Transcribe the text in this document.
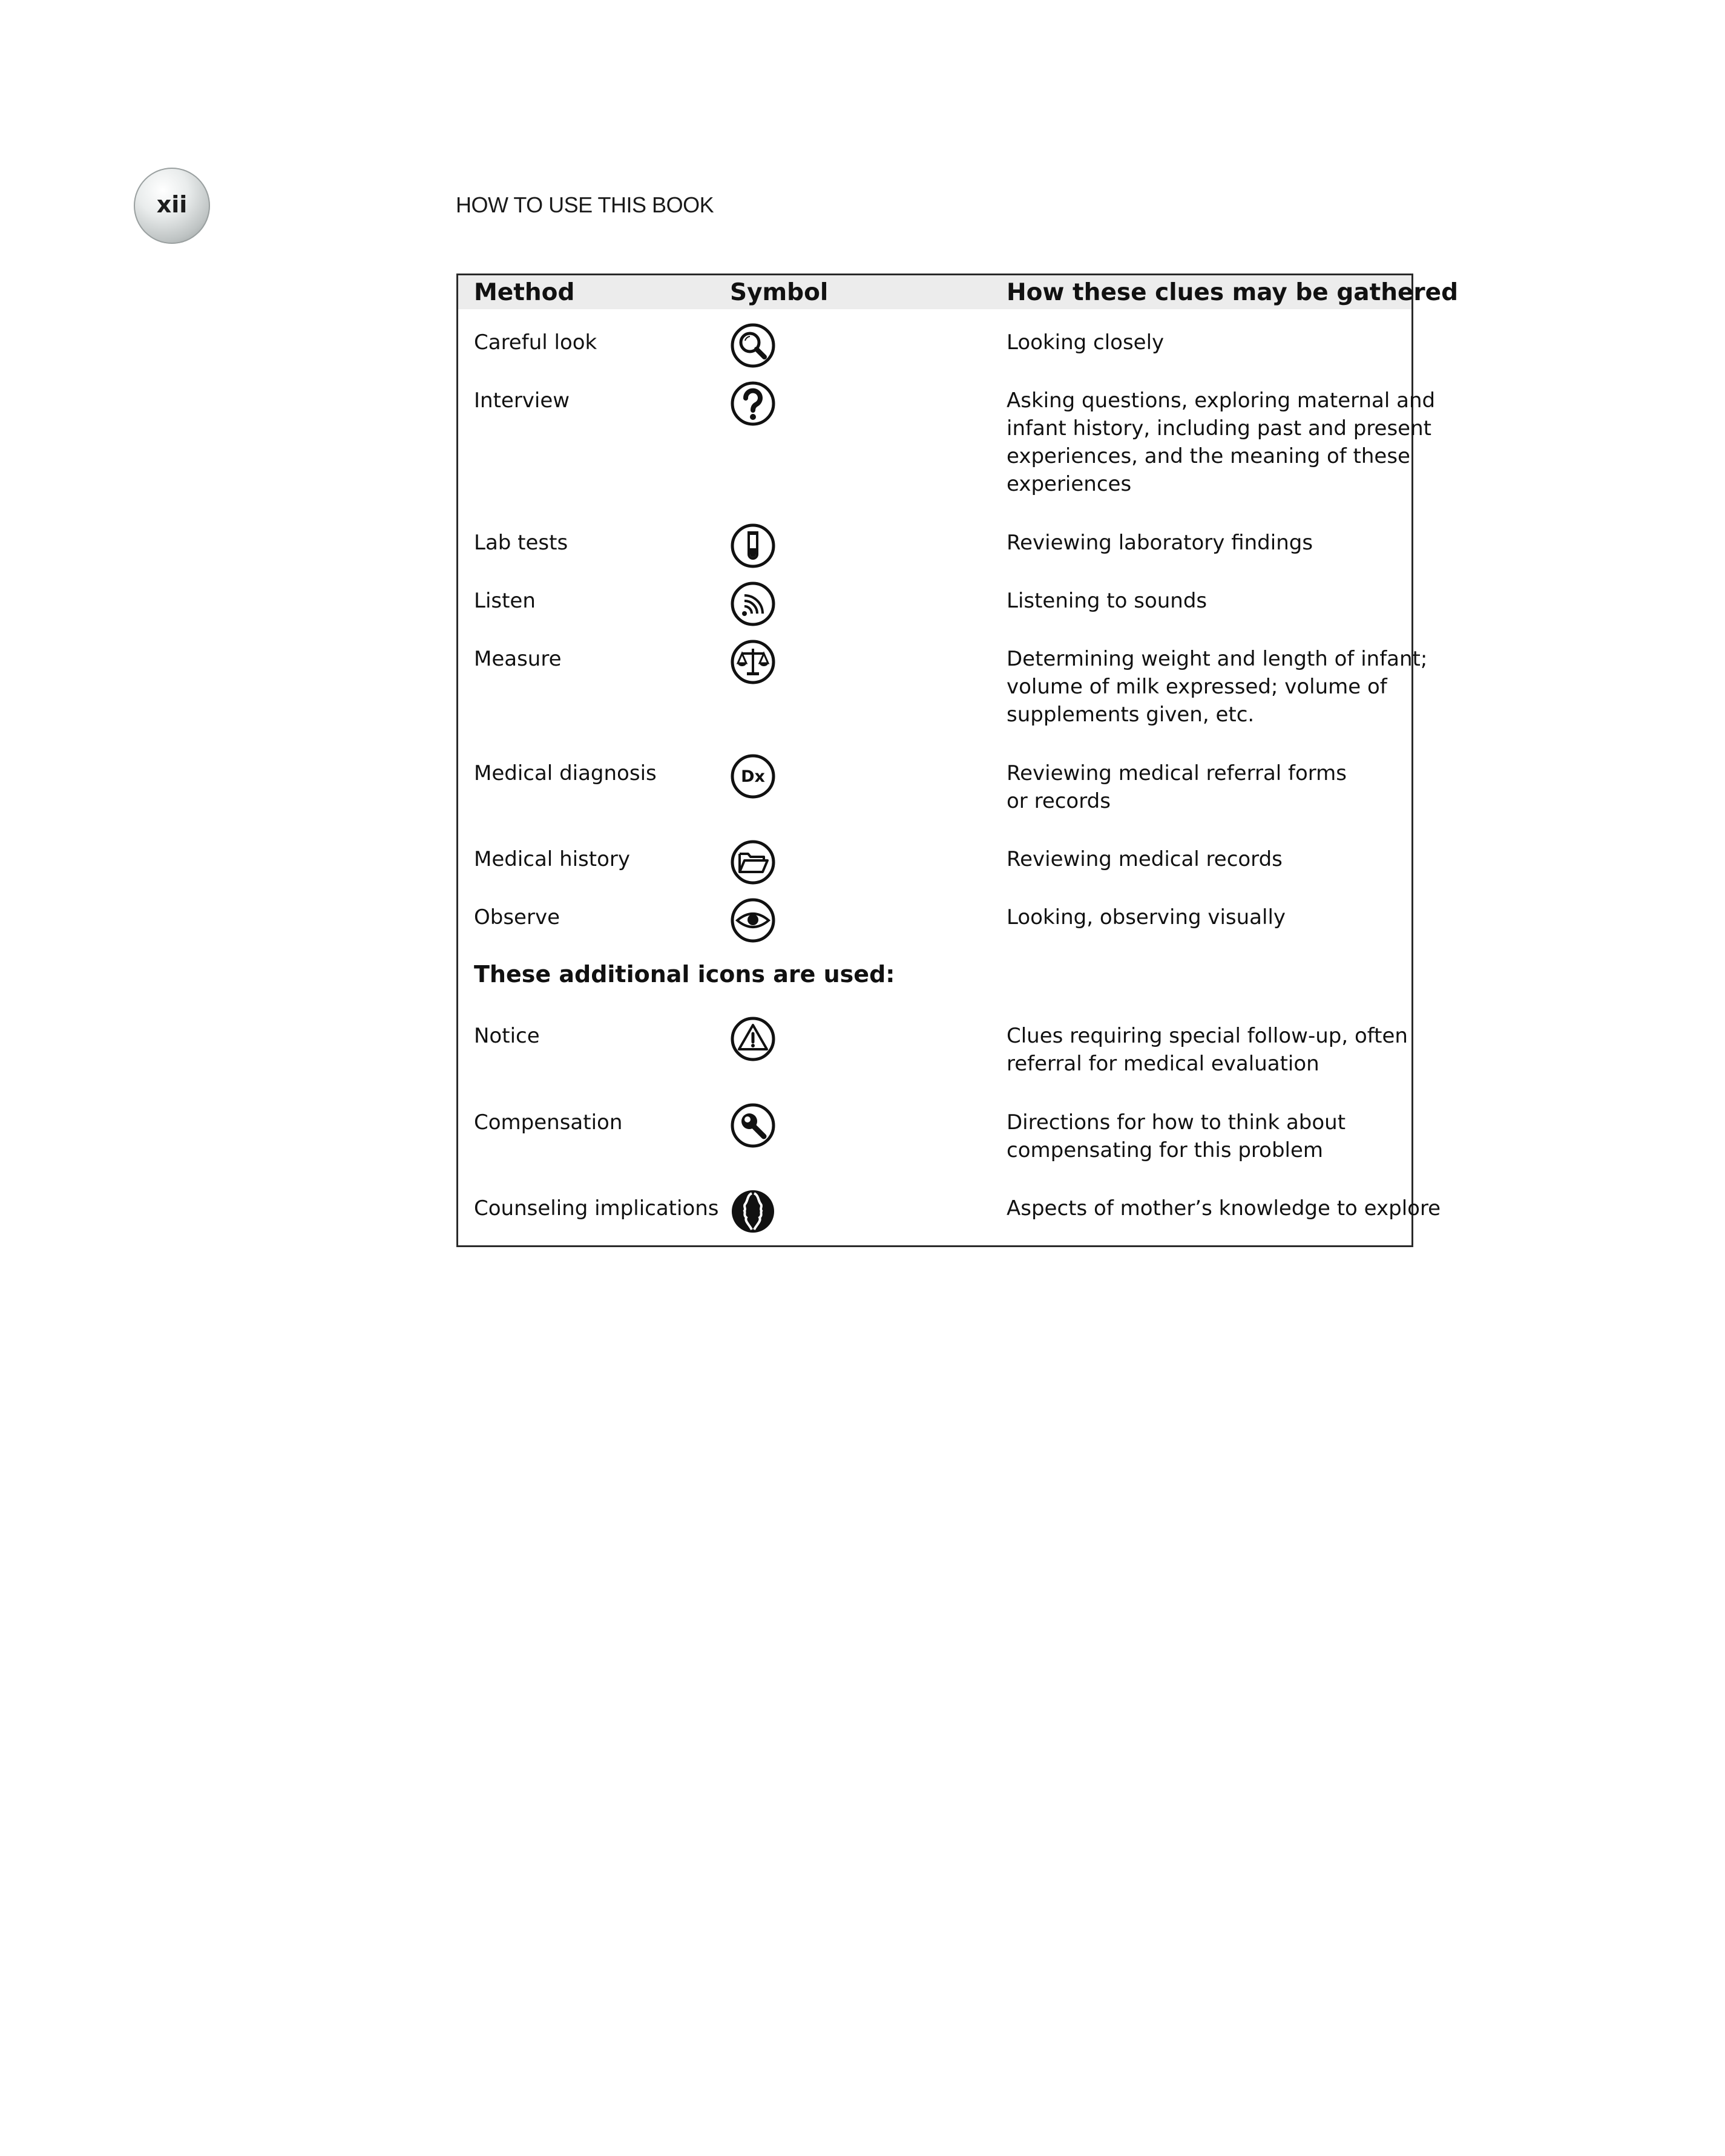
xii	HOW TO USE THIS BOOK
Method	Symbol	How these clues may be gathered
Careful look	Looking closely
Interview	Asking questions, exploring maternal and
infant history, including past and present
experiences, and the meaning of these
experiences
Lab tests	Reviewing laboratory findings
Listen	Listening to sounds
Measure	Determining weight and length of infant;
volume of milk expressed; volume of
supplements given, etc.
Medical diagnosis	Dx	Reviewing medical referral forms
or records
Medical history	Reviewing medical records
Observe	Looking, observing visually
These additional icons are used:
Notice	Clues requiring special follow-up, often
referral for medical evaluation
Compensation	Directions for how to think about
compensating for this problem
Counseling implications	Aspects of mother’s knowledge to explore
